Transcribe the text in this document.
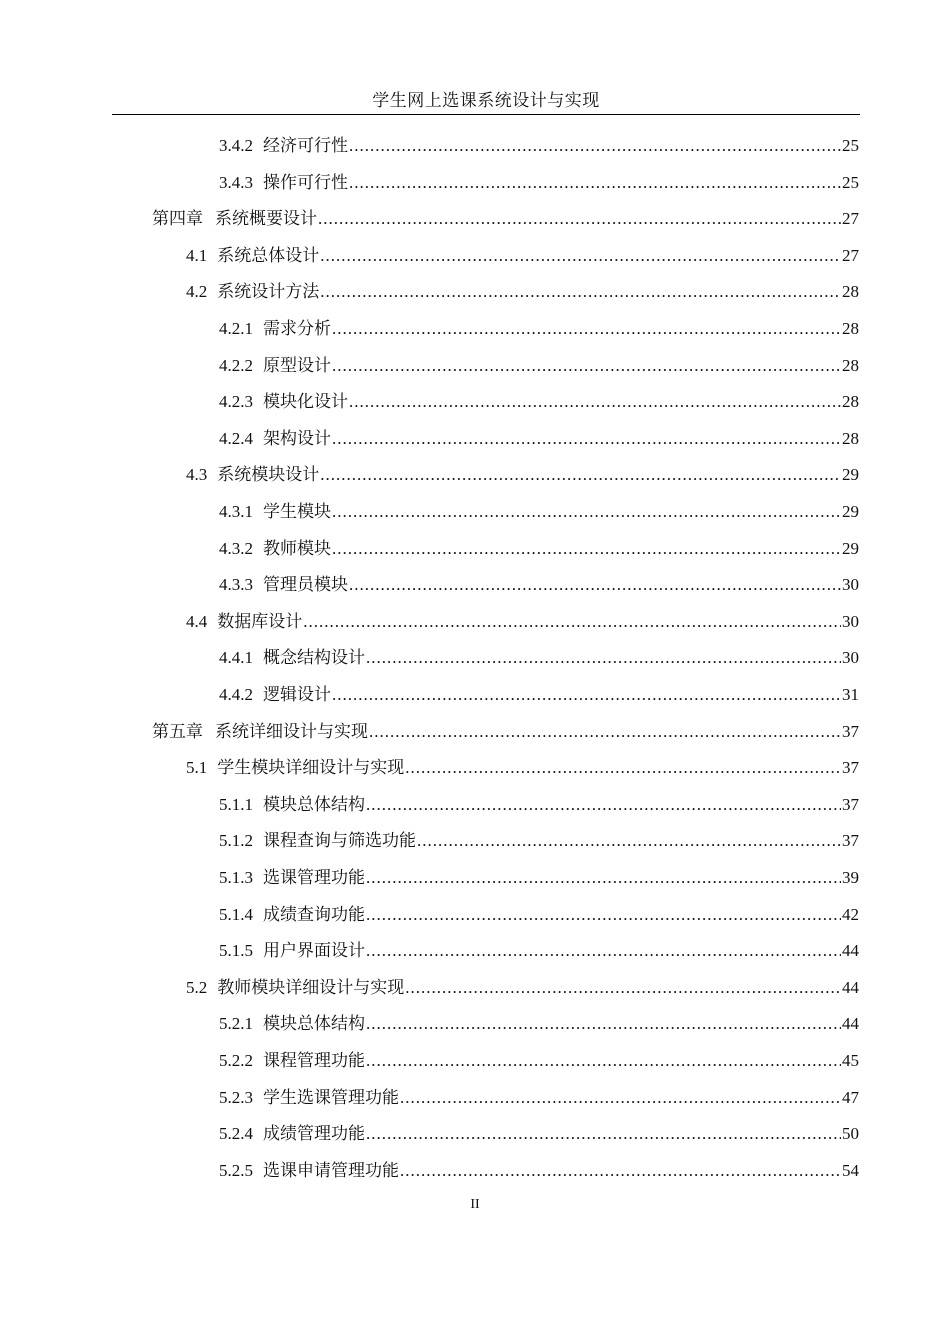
学生网上选课系统设计与实现
3.4.2 经济可行性 .....	25
3.4.3 操作可行性 .....	25
第四章 系统概要设计 .....	27
4.1 系统总体设计 .....	27
4.2 系统设计方法 .....	28
4.2.1 需求分析 .....	28
4.2.2 原型设计 .....	28
4.2.3 模块化设计 .....	28
4.2.4 架构设计 .....	28
4.3 系统模块设计 .....	29
4.3.1 学生模块 .....	29
4.3.2 教师模块 .....	29
4.3.3 管理员模块 .....	30
4.4 数据库设计 .....	30
4.4.1 概念结构设计 .....	30
4.4.2 逻辑设计 .....	31
第五章 系统详细设计与实现 .....	37
5.1 学生模块详细设计与实现 .....	37
5.1.1 模块总体结构 .....	37
5.1.2 课程查询与筛选功能 .....	37
5.1.3 选课管理功能 .....	39
5.1.4 成绩查询功能 .....	42
5.1.5 用户界面设计 .....	44
5.2 教师模块详细设计与实现 .....	44
5.2.1 模块总体结构 .....	44
5.2.2 课程管理功能 .....	45
5.2.3 学生选课管理功能 .....	47
5.2.4 成绩管理功能 .....	50
5.2.5 选课申请管理功能 .....	54
II
